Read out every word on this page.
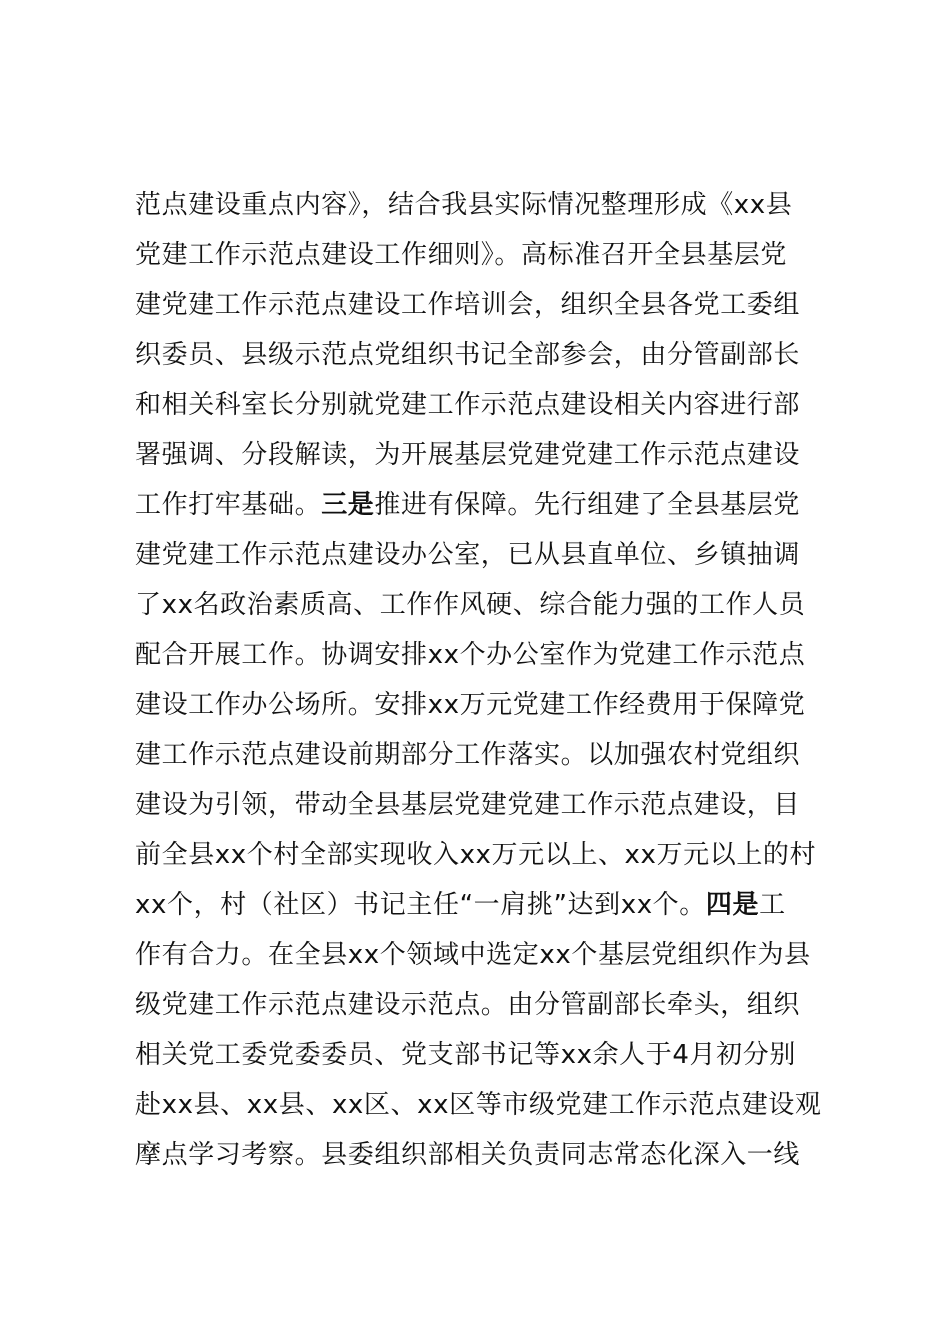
范点建设重点内容》，结合我县实际情况整理形成《xx县
党建工作示范点建设工作细则》。高标准召开全县基层党
建党建工作示范点建设工作培训会，组织全县各党工委组
织委员、县级示范点党组织书记全部参会，由分管副部长
和相关科室长分别就党建工作示范点建设相关内容进行部
署强调、分段解读，为开展基层党建党建工作示范点建设
工作打牢基础。三是推进有保障。先行组建了全县基层党
建党建工作示范点建设办公室，已从县直单位、乡镇抽调
了xx名政治素质高、工作作风硬、综合能力强的工作人员
配合开展工作。协调安排xx个办公室作为党建工作示范点
建设工作办公场所。安排xx万元党建工作经费用于保障党
建工作示范点建设前期部分工作落实。以加强农村党组织
建设为引领，带动全县基层党建党建工作示范点建设，目
前全县xx个村全部实现收入xx万元以上、xx万元以上的村
xx个，村（社区）书记主任“一肩挑”达到xx个。四是工
作有合力。在全县xx个领域中选定xx个基层党组织作为县
级党建工作示范点建设示范点。由分管副部长牵头，组织
相关党工委党委委员、党支部书记等xx余人于4月初分别
赴xx县、xx县、xx区、xx区等市级党建工作示范点建设观
摩点学习考察。县委组织部相关负责同志常态化深入一线
